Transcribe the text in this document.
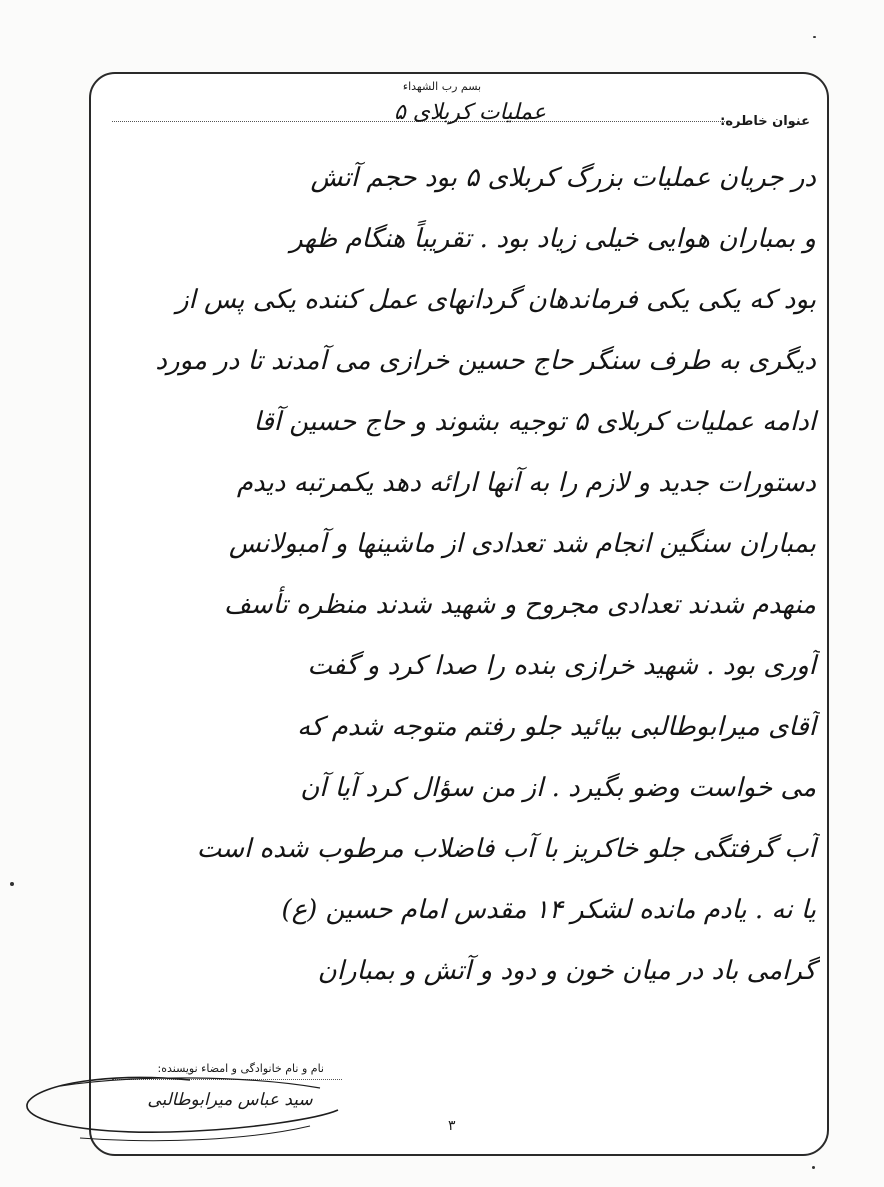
بسم رب الشهداء
عنوان خاطره:
عملیات کربلای ۵
در جریان عملیات بزرگ کربلای ۵ بود حجم آتش
و بمباران هوایی خیلی زیاد بود . تقریباً هنگام ظهر
بود که یکی یکی فرماندهان گردانهای عمل کننده یکی پس از
دیگری به طرف سنگر حاج حسین خرازی می آمدند تا در مورد
ادامه عملیات کربلای ۵ توجیه بشوند و حاج حسین آقا
دستورات جدید و لازم را به آنها ارائه دهد یکمرتبه دیدم
بمباران سنگین انجام شد تعدادی از ماشینها و آمبولانس
منهدم شدند تعدادی مجروح و شهید شدند منظره تأسف
آوری بود . شهید خرازی بنده را صدا کرد و گفت
آقای میرابوطالبی بیائید جلو رفتم متوجه شدم که
می خواست وضو بگیرد . از من سؤال کرد آیا آن
آب گرفتگی جلو خاکریز با آب فاضلاب مرطوب شده است
یا نه . یادم مانده لشکر ۱۴ مقدس امام حسین (ع)
گرامی باد در میان خون و دود و آتش و بمباران
نام و نام خانوادگی و امضاء نویسنده:
سید عباس میرابوطالبی
۳
